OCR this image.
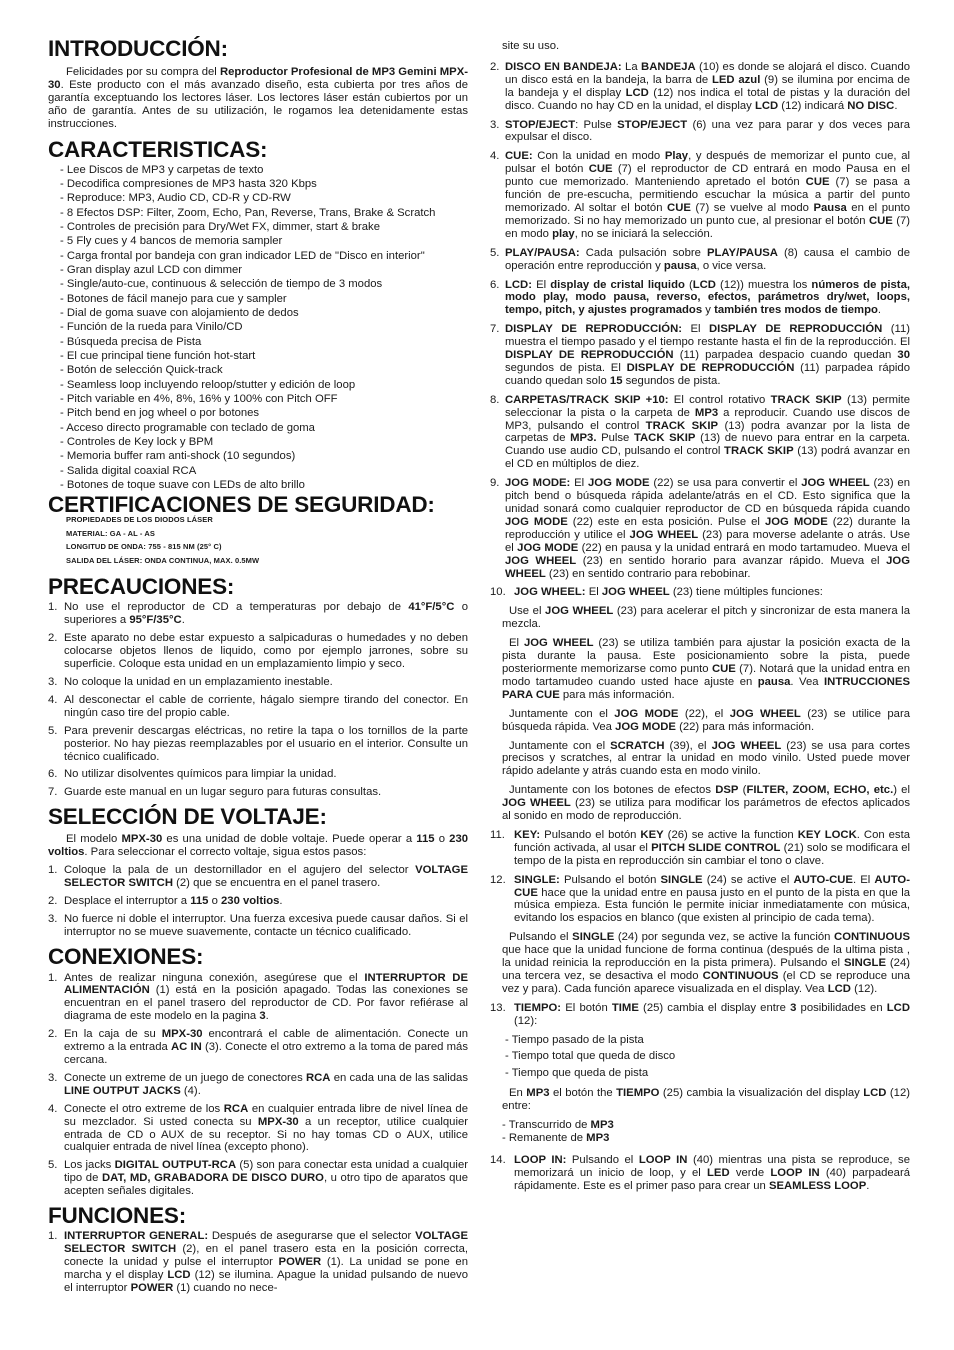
INTRODUCCIÓN:

Felicidades por su compra del Reproductor Profesional de MP3 Gemini MPX-30. Este producto con el más avanzado diseño, esta cubierta por tres años de garantía exceptuando los lectores láser. Los lectores láser están cubiertos por un año de garantía. Antes de su utilización, le rogamos lea detenidamente estas instrucciones.

CARACTERISTICAS:
- Lee Discos de MP3 y carpetas de texto
- Decodifica compresiones de MP3 hasta 320 Kbps
- Reproduce: MP3, Audio CD, CD-R y CD-RW
- 8 Efectos DSP: Filter, Zoom, Echo, Pan, Reverse, Trans, Brake & Scratch
- Controles de precisión para Dry/Wet FX, dimmer, start & brake
- 5 Fly cues y 4 bancos de memoria sampler
- Carga frontal por bandeja con gran indicador LED de "Disco en interior"
- Gran display azul LCD con dimmer
- Single/auto-cue, continuous & selección de tiempo de 3 modos
- Botones de fácil manejo para cue y sampler
- Dial de goma suave con alojamiento de dedos
- Función de la rueda para Vinilo/CD
- Búsqueda precisa de Pista
- El cue principal tiene función hot-start
- Botón de selección Quick-track
- Seamless loop incluyendo reloop/stutter y edición de loop
- Pitch variable en 4%, 8%, 16% y 100% con Pitch OFF
- Pitch bend en jog wheel o por botones
- Acceso directo programable con teclado de goma
- Controles de Key lock y BPM
- Memoria buffer ram anti-shock (10 segundos)
- Salida digital coaxial RCA
- Botones de toque suave con LEDs de alto brillo
CERTIFICACIONES DE SEGURIDAD:
PROPIEDADES DE LOS DIODOS LÁSER
MATERIAL: GA - AL - AS
LONGITUD DE ONDA: 755 - 815 NM (25° C)
SALIDA DEL LÁSER: ONDA CONTINUA, MAX. 0.5MW
PRECAUCIONES:
1. No use el reproductor de CD a temperaturas por debajo de 41°F/5°C o superiores a 95°F/35°C.
2. Este aparato no debe estar expuesto a salpicaduras o humedades y no deben colocarse objetos llenos de liquido, como por ejemplo jarrones, sobre su superficie. Coloque esta unidad en un emplazamiento limpio y seco.
3. No coloque la unidad en un emplazamiento inestable.
4. Al desconectar el cable de corriente, hágalo siempre tirando del conector. En ningún caso tire del propio cable.
5. Para prevenir descargas eléctricas, no retire la tapa o los tornillos de la parte posterior. No hay piezas reemplazables por el usuario en el interior. Consulte un técnico cualificado.
6. No utilizar disolventes químicos para limpiar la unidad.
7. Guarde este manual en un lugar seguro para futuras consultas.
SELECCIÓN DE VOLTAJE:

El modelo MPX-30 es una unidad de doble voltaje. Puede operar a 115 o 230 voltios. Para seleccionar el correcto voltaje, sigua estos pasos:

1. Coloque la pala de un destornillador en el agujero del selector VOLTAGE SELECTOR SWITCH (2) que se encuentra en el panel trasero.
2. Desplace el interruptor a 115 o 230 voltios.
3. No fuerce ni doble el interruptor. Una fuerza excesiva puede causar daños. Si el interruptor no se mueve suavemente, contacte un técnico cualificado.
CONEXIONES:
1. Antes de realizar ninguna conexión, asegúrese que el INTERRUPTOR DE ALIMENTACIÓN (1) está en la posición apagado. Todas las conexiones se encuentran en el panel trasero del reproductor de CD. Por favor refiérase al diagrama de este modelo en la pagina 3.
2. En la caja de su MPX-30 encontrará el cable de alimentación. Conecte un extremo a la entrada AC IN (3). Conecte el otro extremo a la toma de pared más cercana.
3. Conecte un extreme de un juego de conectores RCA en cada una de las salidas LINE OUTPUT JACKS (4).
4. Conecte el otro extreme de los RCA en cualquier entrada libre de nivel línea de su mezclador. Si usted conecta su MPX-30 a un receptor, utilice cualquier entrada de CD o AUX de su receptor. Si no hay tomas CD o AUX, utilice cualquier entrada de nivel línea (excepto phono).
5. Los jacks DIGITAL OUTPUT-RCA (5) son para conectar esta unidad a cualquier tipo de DAT, MD, GRABADORA DE DISCO DURO, u otro tipo de aparatos que acepten señales digitales.
FUNCIONES:
1. INTERRUPTOR GENERAL: Después de asegurarse que el selector VOLTAGE SELECTOR SWITCH (2), en el panel trasero esta en la posición correcta, conecte la unidad y pulse el interruptor POWER (1). La unidad se pone en marcha y el display LCD (12) se ilumina. Apague la unidad pulsando de nuevo el interruptor POWER (1) cuando no nece-

site su uso.

2. DISCO EN BANDEJA: La BANDEJA (10) es donde se alojará el disco. Cuando un disco está en la bandeja, la barra de LED azul (9) se ilumina por encima de la bandeja y el display LCD (12) nos indica el total de pistas y la duración del disco. Cuando no hay CD en la unidad, el display LCD (12) indicará NO DISC.
3. STOP/EJECT: Pulse STOP/EJECT (6) una vez para parar y dos veces para expulsar el disco.
4. CUE: Con la unidad en modo Play, y después de memorizar el punto cue, al pulsar el botón CUE (7) el reproductor de CD entrará en modo Pausa en el punto cue memorizado. Manteniendo apretado el botón CUE (7) se pasa a función de pre-escucha, permitiendo escuchar la música a partir del punto memorizado. Al soltar el botón CUE (7) se vuelve al modo Pausa en el punto memorizado. Si no hay memorizado un punto cue, al presionar el botón CUE (7) en modo play, no se iniciará la selección.
5. PLAY/PAUSA: Cada pulsación sobre PLAY/PAUSA (8) causa el cambio de operación entre reproducción y pausa, o vice versa.
6. LCD: El display de cristal liquido (LCD (12)) muestra los números de pista, modo play, modo pausa, reverso, efectos, parámetros dry/wet, loops, tempo, pitch, y ajustes programados y también tres modos de tiempo.
7. DISPLAY DE REPRODUCCIÓN: El DISPLAY DE REPRODUCCIÓN (11) muestra el tiempo pasado y el tiempo restante hasta el fin de la reproducción. El DISPLAY DE REPRODUCCIÓN (11) parpadea despacio cuando quedan 30 segundos de pista. El DISPLAY DE REPRODUCCIÓN (11) parpadea rápido cuando quedan solo 15 segundos de pista.
8. CARPETAS/TRACK SKIP +10: El control rotativo TRACK SKIP (13) permite seleccionar la pista o la carpeta de MP3 a reproducir. Cuando use discos de MP3, pulsando el control TRACK SKIP (13) podra avanzar por la lista de carpetas de MP3. Pulse TACK SKIP (13) de nuevo para entrar en la carpeta. Cuando use audio CD, pulsando el control TRACK SKIP (13) podrá avanzar en el CD en múltiplos de diez.
9. JOG MODE: El JOG MODE (22) se usa para convertir el JOG WHEEL (23) en pitch bend o búsqueda rápida adelante/atrás en el CD. Esto significa que la unidad sonará como cualquier reproductor de CD en búsqueda rápida cuando JOG MODE (22) este en esta posición. Pulse el JOG MODE (22) durante la reproducción y utilice el JOG WHEEL (23) para moverse adelante o atrás. Use el JOG MODE (22) en pausa y la unidad entrará en modo tartamudeo. Mueva el JOG WHEEL (23) en sentido horario para avanzar rápido. Mueva el JOG WHEEL (23) en sentido contrario para rebobinar.
10. JOG WHEEL: El JOG WHEEL (23) tiene múltiples funciones:

Use el JOG WHEEL (23) para acelerar el pitch y sincronizar de esta manera la mezcla.

El JOG WHEEL (23) se utiliza también para ajustar la posición exacta de la pista durante la pausa. Este posicionamiento sobre la pista, puede posteriormente memorizarse como punto CUE (7). Notará que la unidad entra en modo tartamudeo cuando usted hace ajuste en pausa. Vea INTRUCCIONES PARA CUE para más información.

Juntamente con el JOG MODE (22), el JOG WHEEL (23) se utilice para búsqueda rápida. Vea JOG MODE (22) para más información.

Juntamente con el SCRATCH (39), el JOG WHEEL (23) se usa para cortes precisos y scratches, al entrar la unidad en modo vinilo. Usted puede mover rápido adelante y atrás cuando esta en modo vinilo.

Juntamente con los botones de efectos DSP (FILTER, ZOOM, ECHO, etc.) el JOG WHEEL (23) se utiliza para modificar los parámetros de efectos aplicados al sonido en modo de reproducción.

11. KEY: Pulsando el botón KEY (26) se active la function KEY LOCK. Con esta función activada, al usar el PITCH SLIDE CONTROL (21) solo se modificara el tempo de la pista en reproducción sin cambiar el tono o clave.
12. SINGLE: Pulsando el botón SINGLE (24) se active el AUTO-CUE. El AUTO-CUE hace que la unidad entre en pausa justo en el punto de la pista en que la música empieza. Esta función le permite iniciar inmediatamente con música, evitando los espacios en blanco (que existen al principio de cada tema).

Pulsando el SINGLE (24) por segunda vez, se active la función CONTINUOUS que hace que la unidad funcione de forma continua (después de la ultima pista , la unidad reinicia la reproducción en la pista primera). Pulsando el SINGLE (24) una tercera vez, se desactiva el modo CONTINUOUS (el CD se reproduce una vez y para). Cada función aparece visualizada en el display. Vea LCD (12).

13. TIEMPO: El botón TIME (25) cambia el display entre 3 posibilidades en LCD (12):
- Tiempo pasado de la pista
- Tiempo total que queda de disco
- Tiempo que queda de pista

En MP3 el botón the TIEMPO (25) cambia la visualización del display LCD (12) entre:

- Transcurrido de MP3
- Remanente de MP3
14. LOOP IN: Pulsando el LOOP IN (40) mientras una pista se reproduce, se memorizará un inicio de loop, y el LED verde LOOP IN (40) parpadeará rápidamente. Este es el primer paso para crear un SEAMLESS LOOP.
